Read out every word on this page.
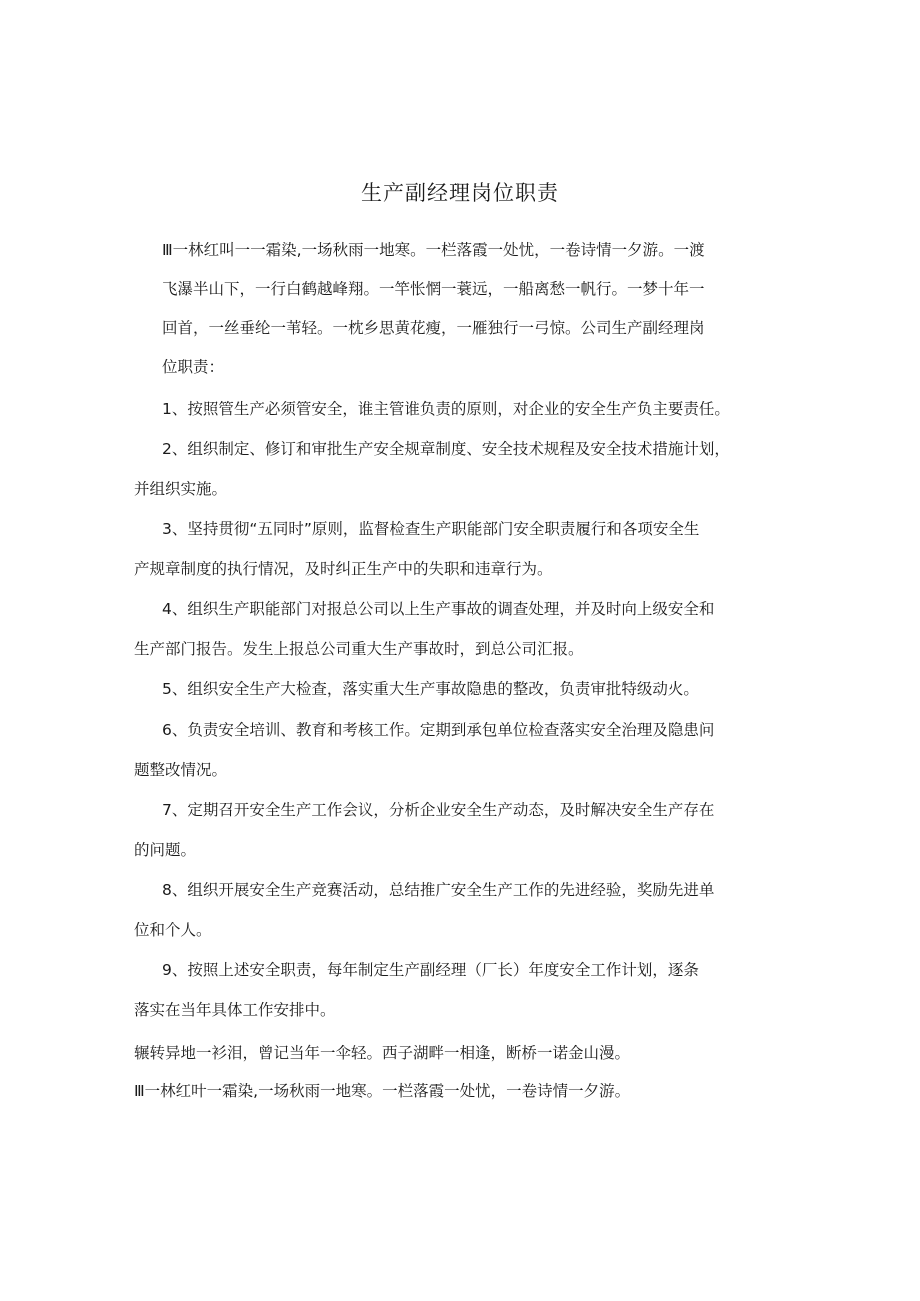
生产副经理岗位职责
Ⅲ一林红叫一一霜染,一场秋雨一地寒。一栏落霞一处忧，一卷诗情一夕游。一渡
飞瀑半山下，一行白鹤越峰翔。一竿怅惘一蓑远，一船离愁一帆行。一梦十年一
回首，一丝垂纶一苇轻。一枕乡思黄花瘦，一雁独行一弓惊。公司生产副经理岗
位职责：
1、按照管生产必须管安全，谁主管谁负责的原则，对企业的安全生产负主要责任。
2、组织制定、修订和审批生产安全规章制度、安全技术规程及安全技术措施计划，
并组织实施。
3、坚持贯彻“五同时”原则，监督检查生产职能部门安全职责履行和各项安全生
产规章制度的执行情况，及时纠正生产中的失职和违章行为。
4、组织生产职能部门对报总公司以上生产事故的调查处理，并及时向上级安全和
生产部门报告。发生上报总公司重大生产事故时，到总公司汇报。
5、组织安全生产大检查，落实重大生产事故隐患的整改，负责审批特级动火。
6、负责安全培训、教育和考核工作。定期到承包单位检查落实安全治理及隐患问
题整改情况。
7、定期召开安全生产工作会议，分析企业安全生产动态，及时解决安全生产存在
的问题。
8、组织开展安全生产竞赛活动，总结推广安全生产工作的先进经验，奖励先进单
位和个人。
9、按照上述安全职责，每年制定生产副经理（厂长）年度安全工作计划，逐条
落实在当年具体工作安排中。
辗转异地一衫泪，曾记当年一伞轻。西子湖畔一相逢，断桥一诺金山漫。
Ⅲ一林红叶一霜染,一场秋雨一地寒。一栏落霞一处忧，一卷诗情一夕游。
